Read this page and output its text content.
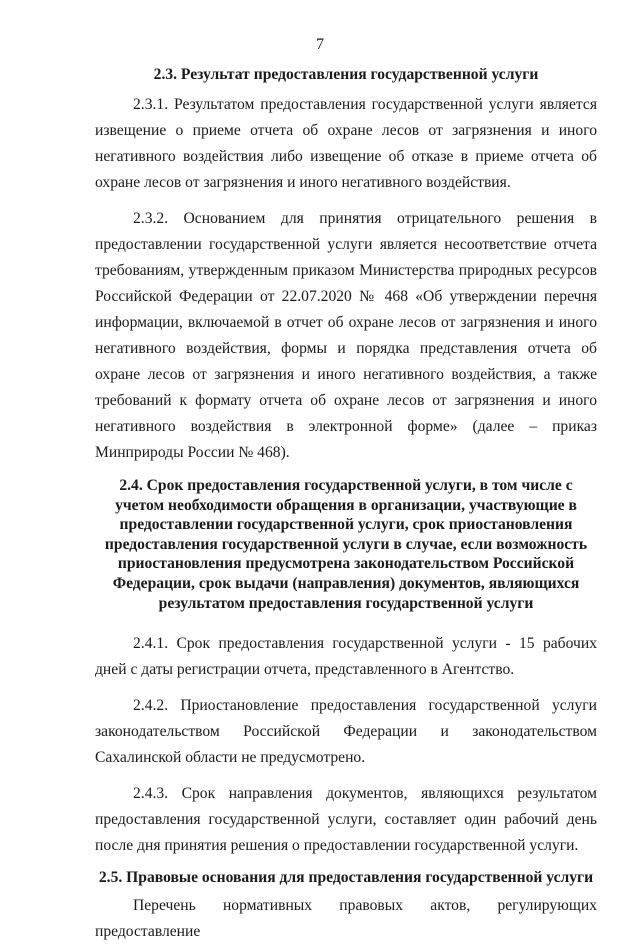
7

2.3. Результат предоставления государственной услуги

2.3.1. Результатом предоставления государственной услуги является извещение о приеме отчета об охране лесов от загрязнения и иного негативного воздействия либо извещение об отказе в приеме отчета об охране лесов от загрязнения и иного негативного воздействия.

2.3.2. Основанием для принятия отрицательного решения в предоставлении государственной услуги является несоответствие отчета требованиям, утвержденным приказом Министерства природных ресурсов Российской Федерации от 22.07.2020 № 468 «Об утверждении перечня информации, включаемой в отчет об охране лесов от загрязнения и иного негативного воздействия, формы и порядка представления отчета об охране лесов от загрязнения и иного негативного воздействия, а также требований к формату отчета об охране лесов от загрязнения и иного негативного воздействия в электронной форме» (далее – приказ Минприроды России № 468).

2.4. Срок предоставления государственной услуги, в том числе с учетом необходимости обращения в организации, участвующие в предоставлении государственной услуги, срок приостановления предоставления государственной услуги в случае, если возможность приостановления предусмотрена законодательством Российской Федерации, срок выдачи (направления) документов, являющихся результатом предоставления государственной услуги

2.4.1. Срок предоставления государственной услуги - 15 рабочих дней с даты регистрации отчета, представленного в Агентство.

2.4.2. Приостановление предоставления государственной услуги законодательством Российской Федерации и законодательством Сахалинской области не предусмотрено.

2.4.3. Срок направления документов, являющихся результатом предоставления государственной услуги, составляет один рабочий день после дня принятия решения о предоставлении государственной услуги.

2.5. Правовые основания для предоставления государственной услуги

Перечень нормативных правовых актов, регулирующих предоставление
